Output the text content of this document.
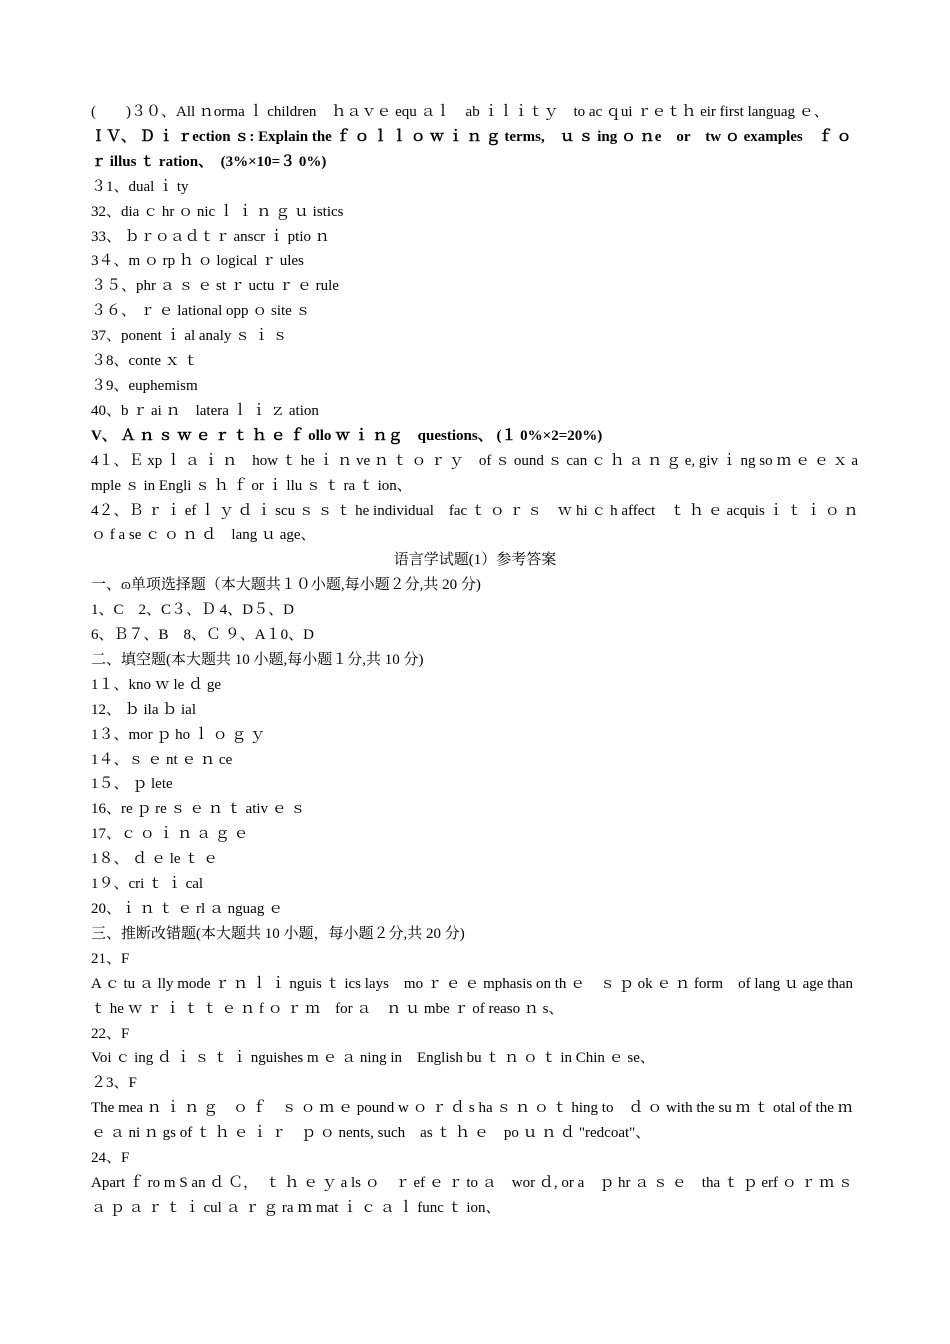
(　　)３０、All ｎorma ｌ children　ｈａｖｅ equ ａｌ　ab ｉｌｉｔｙ　to ac ｑui ｒｅｔｈ eir first languag ｅ、
ＩＶ、 Ｄ ｉ ｒection ｓ: Explain the ｆ ｏ ｌ ｌ ｏ ｗ ｉ ｎ ｇ terms,　ｕ ｓ ing ｏ ｎe　or　tw ｏ examples　ｆ ｏ ｒ illus ｔ ration、　(3%×10=３ 0%)
３1、dual ｉ ty
32、dia ｃ hr ｏ nic ｌ ｉ ｎ ｇ ｕ istics
33、 ｂｒｏａｄｔｒ anscr ｉ ptio ｎ
3４、m ｏ rp ｈ ｏ logical ｒ ules
３５、phr ａ ｓ ｅ st ｒ uctu ｒ ｅ rule
３６、 ｒ ｅ lational opp ｏ site ｓ
37、ponent ｉ al analy ｓ ｉ ｓ
３8、conte ｘ ｔ
３9、euphemism
40、b ｒ ai ｎ　latera ｌ ｉ ｚ ation
V、 Ａ ｎ ｓ ｗ ｅ ｒ ｔ ｈ ｅ ｆ ollo ｗ ｉ ｎｇ　questions、 (１ 0%×2=20%)
4１、Ｅ xp ｌ ａ ｉ ｎ　how ｔ he ｉ ｎ ve ｎ ｔ ｏ ｒ ｙ　of ｓ ound ｓ can ｃ ｈ ａ ｎ ｇ e, giv ｉ ng so ｍ ｅ ｅ ｘ ample ｓ in Engli ｓ ｈ ｆ or ｉ llu ｓ ｔ ra ｔ ion、
4２、Ｂ ｒ ｉ ef ｌ ｙ ｄ ｉ scu ｓ ｓ ｔ he individual　fac ｔ ｏ ｒ ｓ　ｗ hi ｃ h affect　ｔ ｈ ｅ acquis ｉ ｔ ｉ ｏ ｎ ｏ f a se ｃ ｏ ｎ ｄ　lang ｕ age、
语言学试题(1）参考答案
一、ɷ单项选择题（本大题共１０小题,每小题２分,共 20 分)
1、C　2、C３、Ｄ 4、D５、D
6、Ｂ７、B　8、Ｃ ９、A１0、D
二、填空题(本大题共 10 小题,每小题１分,共 10 分)
1１、kno ｗ le ｄ ge
12、 ｂ ila ｂ ial
1３、mor ｐ ho ｌ ｏ ｇ ｙ
1４、ｓ ｅ nt ｅ ｎ ce
1５、 ｐ lete
16、re ｐ re ｓ ｅ ｎ ｔ ativ ｅ ｓ
17、ｃ ｏ ｉ ｎ ａ ｇ ｅ
1８、 ｄ ｅ le ｔ ｅ
1９、cri ｔ ｉ cal
20、ｉ ｎ ｔ ｅ rl ａ nguag ｅ
三、推断改错题(本大题共 10 小题，每小题２分,共 20 分)
21、F
A ｃ tu ａ lly mode ｒ ｎ ｌ ｉ nguis ｔ ics lays　mo ｒ ｅ ｅ mphasis on th ｅ　ｓ ｐ ok ｅ ｎ form　of lang ｕ age than ｔ he ｗ ｒ ｉ ｔ ｔ ｅ ｎ f ｏ ｒ ｍ　for ａ　ｎ ｕ mbe ｒ of reaso ｎ s、
22、F
Voi ｃ ing ｄ ｉ ｓ ｔ ｉ nguishes m ｅ ａ ning in　English bu ｔ ｎ ｏ ｔ in Chin ｅ se、
２3、F
The mea ｎ ｉ ｎ ｇ　ｏ ｆ　ｓ ｏ ｍ ｅ pound w ｏ ｒ ｄ s ha ｓ ｎ ｏ ｔ hing to　ｄ ｏ with the su ｍ ｔ otal of the ｍ ｅ ａ ni ｎ gs of ｔ ｈ ｅ ｉ ｒ　ｐ ｏ nents, such　as ｔ ｈ ｅ　po ｕ ｎ ｄ "redcoat"、
24、F
Apart ｆ ro m S an ｄ Ｃ，　ｔ ｈ ｅ ｙ a ls ｏ　ｒ ef ｅ ｒ to ａ　wor ｄ, or a　ｐ hr ａ ｓ ｅ　tha ｔ ｐ erf ｏ ｒ ｍ ｓ ａ ｐ ａ ｒ ｔ ｉ cul ａ ｒ ｇ ra ｍ mat ｉ ｃ ａ ｌ func ｔ ion、
